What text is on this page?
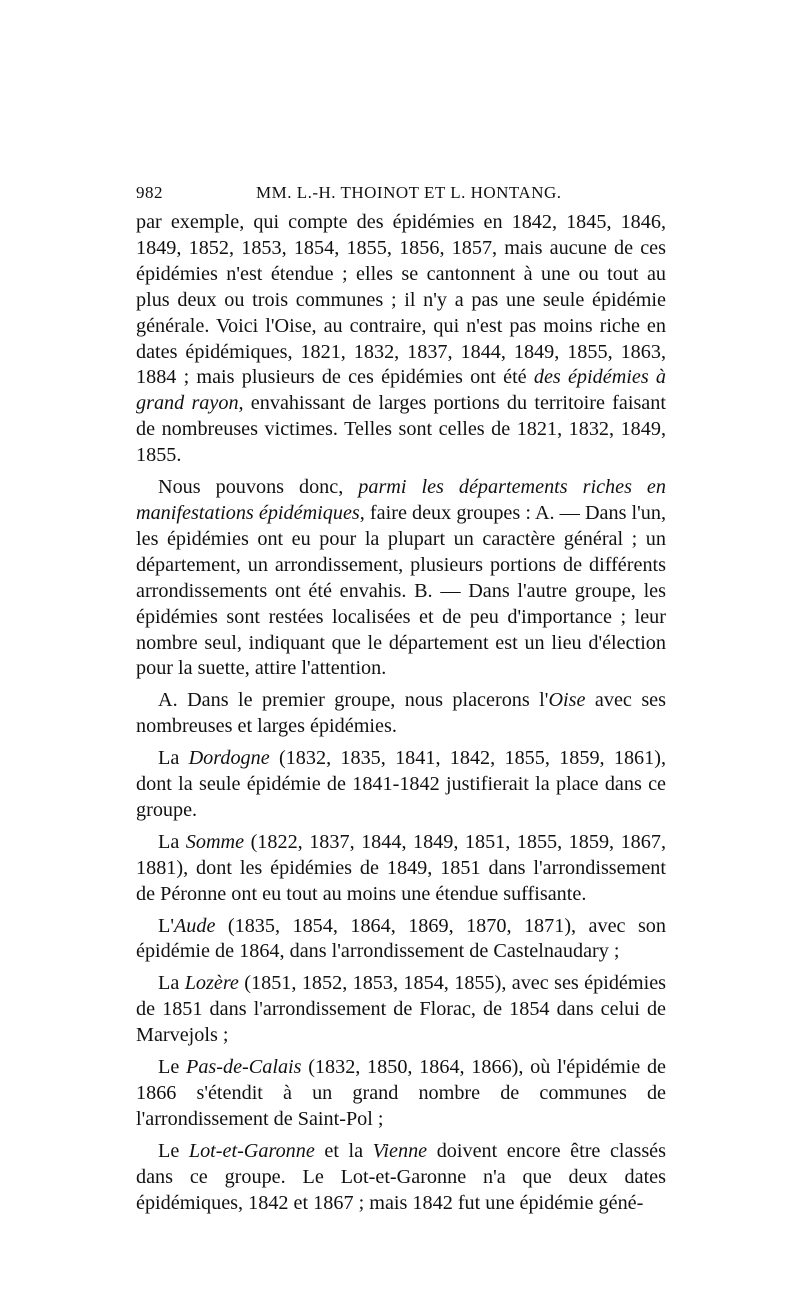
982	MM. L.-H. THOINOT ET L. HONTANG.

par exemple, qui compte des épidémies en 1842, 1845, 1846, 1849, 1852, 1853, 1854, 1855, 1856, 1857, mais aucune de ces épidémies n'est étendue ; elles se cantonnent à une ou tout au plus deux ou trois communes ; il n'y a pas une seule épidémie générale. Voici l'Oise, au contraire, qui n'est pas moins riche en dates épidémiques, 1821, 1832, 1837, 1844, 1849, 1855, 1863, 1884 ; mais plusieurs de ces épidémies ont été des épidémies à grand rayon, envahissant de larges portions du territoire faisant de nombreuses victimes. Telles sont celles de 1821, 1832, 1849, 1855.

Nous pouvons donc, parmi les départements riches en manifestations épidémiques, faire deux groupes : A. — Dans l'un, les épidémies ont eu pour la plupart un caractère général ; un département, un arrondissement, plusieurs portions de différents arrondissements ont été envahis. B. — Dans l'autre groupe, les épidémies sont restées localisées et de peu d'importance ; leur nombre seul, indiquant que le département est un lieu d'élection pour la suette, attire l'attention.

A. Dans le premier groupe, nous placerons l'Oise avec ses nombreuses et larges épidémies.

La Dordogne (1832, 1835, 1841, 1842, 1855, 1859, 1861), dont la seule épidémie de 1841-1842 justifierait la place dans ce groupe.

La Somme (1822, 1837, 1844, 1849, 1851, 1855, 1859, 1867, 1881), dont les épidémies de 1849, 1851 dans l'arrondissement de Péronne ont eu tout au moins une étendue suffisante.

L'Aude (1835, 1854, 1864, 1869, 1870, 1871), avec son épidémie de 1864, dans l'arrondissement de Castelnaudary ;

La Lozère (1851, 1852, 1853, 1854, 1855), avec ses épidémies de 1851 dans l'arrondissement de Florac, de 1854 dans celui de Marvejols ;

Le Pas-de-Calais (1832, 1850, 1864, 1866), où l'épidémie de 1866 s'étendit à un grand nombre de communes de l'arrondissement de Saint-Pol ;

Le Lot-et-Garonne et la Vienne doivent encore être classés dans ce groupe. Le Lot-et-Garonne n'a que deux dates épidémiques, 1842 et 1867 ; mais 1842 fut une épidémie géné-
